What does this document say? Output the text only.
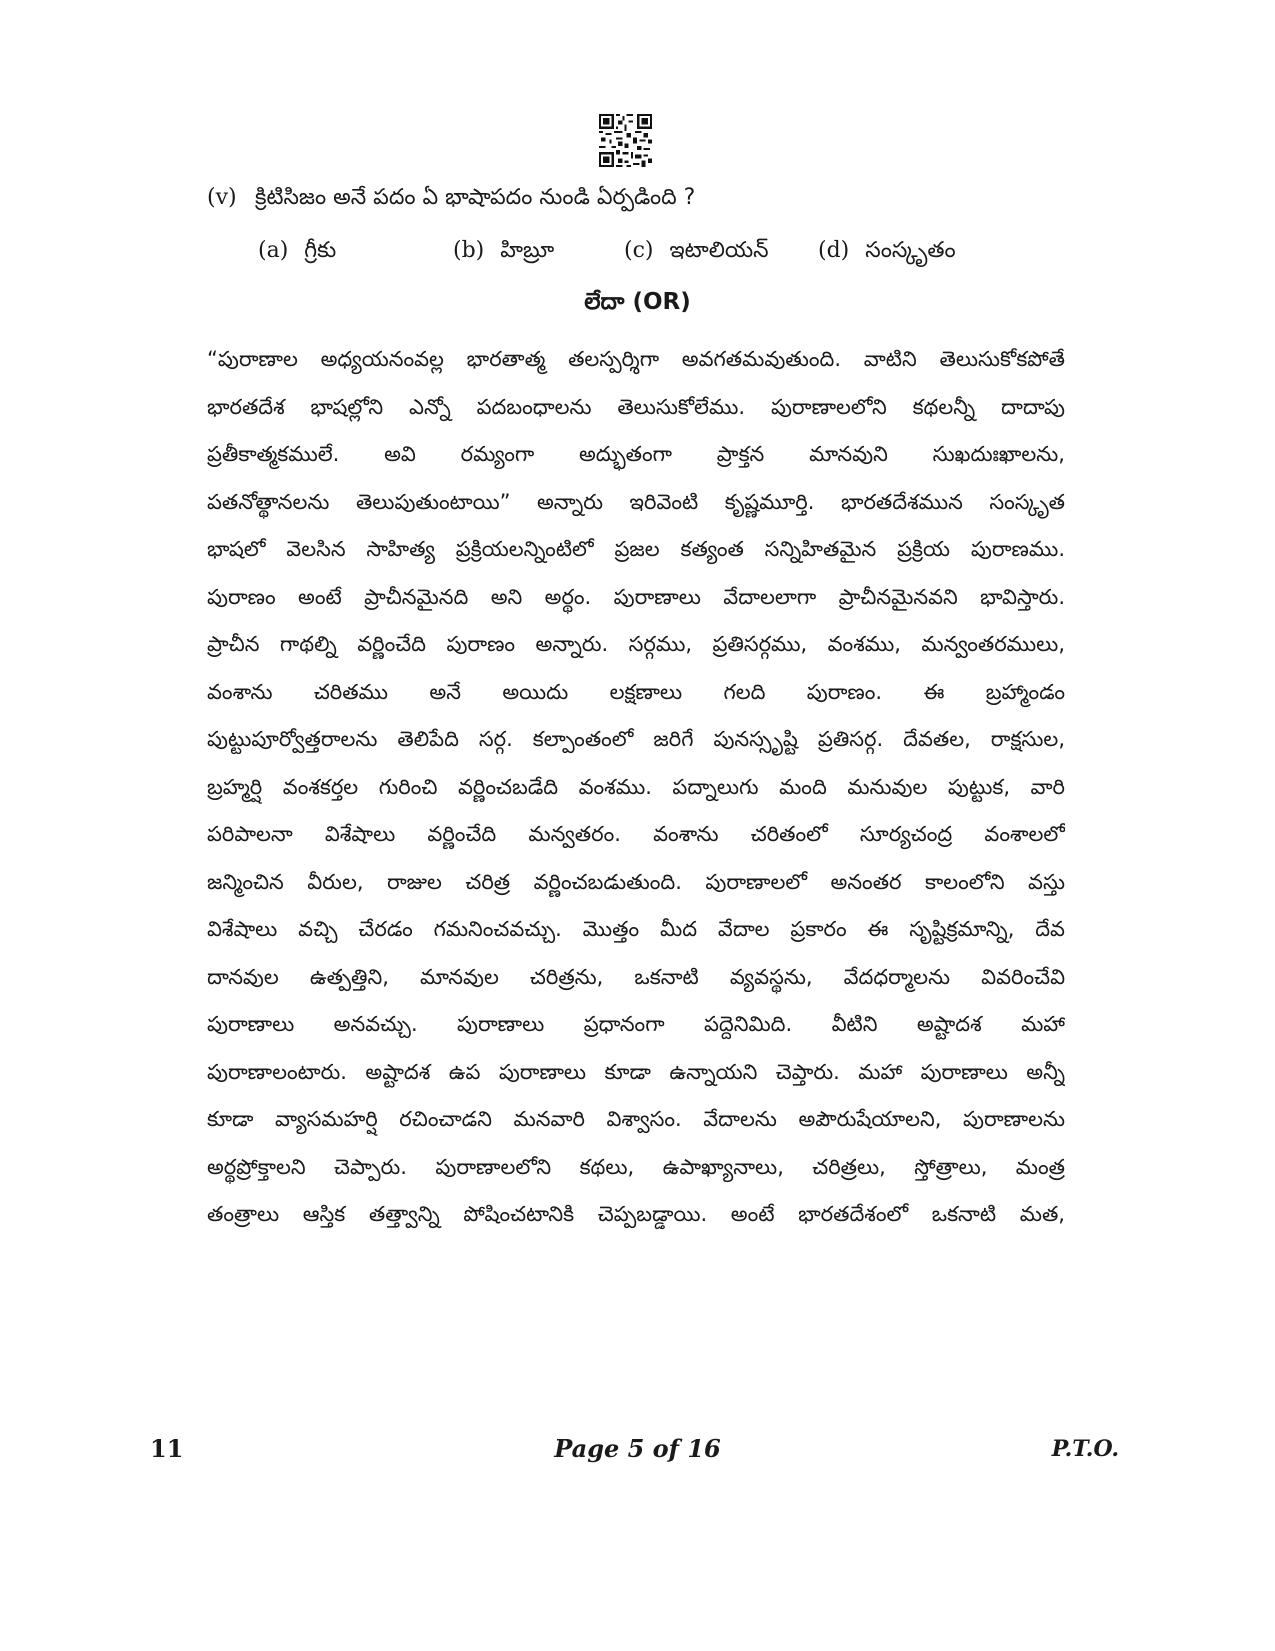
(v) క్రిటిసిజం అనే పదం ఏ భాషాపదం నుండి ఏర్పడింది ?
(a) గ్రీకు	(b) హిబ్రూ	(c) ఇటాలియన్ (d) సంస్కృతం
లేదా (OR)
“పురాణాల అధ్యయనంవల్ల భారతాత్మ తలస్పర్శిగా అవగతమవుతుంది. వాటిని తెలుసుకోకపోతే
భారతదేశ భాషల్లోని ఎన్నో పదబంధాలను తెలుసుకోలేము. పురాణాలలోని కథలన్నీ దాదాపు
ప్రతీకాత్మకములే. అవి రమ్యంగా అద్భుతంగా ప్రాక్తన మానవుని సుఖదుఃఖాలను,
పతనోత్థానలను తెలుపుతుంటాయి” అన్నారు ఇరివెంటి కృష్ణమూర్తి. భారతదేశమున సంస్కృత
భాషలో వెలసిన సాహిత్య ప్రక్రియలన్నింటిలో ప్రజల కత్యంత సన్నిహితమైన ప్రక్రియ పురాణము.
పురాణం అంటే ప్రాచీనమైనది అని అర్థం. పురాణాలు వేదాలలాగా ప్రాచీనమైనవని భావిస్తారు.
ప్రాచీన గాథల్ని వర్ణించేది పురాణం అన్నారు. సర్గము, ప్రతిసర్గము, వంశము, మన్వంతరములు,
వంశాను చరితము అనే అయిదు లక్షణాలు గలది పురాణం. ఈ బ్రహ్మాండం
పుట్టుపూర్వోత్తరాలను తెలిపేది సర్గ. కల్పాంతంలో జరిగే పునస్సృష్టి ప్రతిసర్గ. దేవతల, రాక్షసుల,
బ్రహ్మర్షి వంశకర్తల గురించి వర్ణించబడేది వంశము. పద్నాలుగు మంది మనువుల పుట్టుక, వారి
పరిపాలనా విశేషాలు వర్ణించేది మన్వతరం. వంశాను చరితంలో సూర్యచంద్ర వంశాలలో
జన్మించిన వీరుల, రాజుల చరిత్ర వర్ణించబడుతుంది. పురాణాలలో అనంతర కాలంలోని వస్తు
విశేషాలు వచ్చి చేరడం గమనించవచ్చు. మొత్తం మీద వేదాల ప్రకారం ఈ సృష్టిక్రమాన్ని, దేవ
దానవుల ఉత్పత్తిని, మానవుల చరిత్రను, ఒకనాటి వ్యవస్థను, వేదధర్మాలను వివరించేవి
పురాణాలు అనవచ్చు. పురాణాలు ప్రధానంగా పద్దెనిమిది. వీటిని అష్టాదశ మహా
పురాణాలంటారు. అష్టాదశ ఉప పురాణాలు కూడా ఉన్నాయని చెప్తారు. మహా పురాణాలు అన్నీ
కూడా వ్యాసమహర్షి రచించాడని మనవారి విశ్వాసం. వేదాలను అపౌరుషేయాలని, పురాణాలను
అర్థప్రోక్తాలని చెప్పారు. పురాణాలలోని కథలు, ఉపాఖ్యానాలు, చరిత్రలు, స్తోత్రాలు, మంత్ర
తంత్రాలు ఆస్తిక తత్త్వాన్ని పోషించటానికి చెప్పబడ్డాయి. అంటే భారతదేశంలో ఒకనాటి మత,
11	Page 5 of 16	P.T.O.
